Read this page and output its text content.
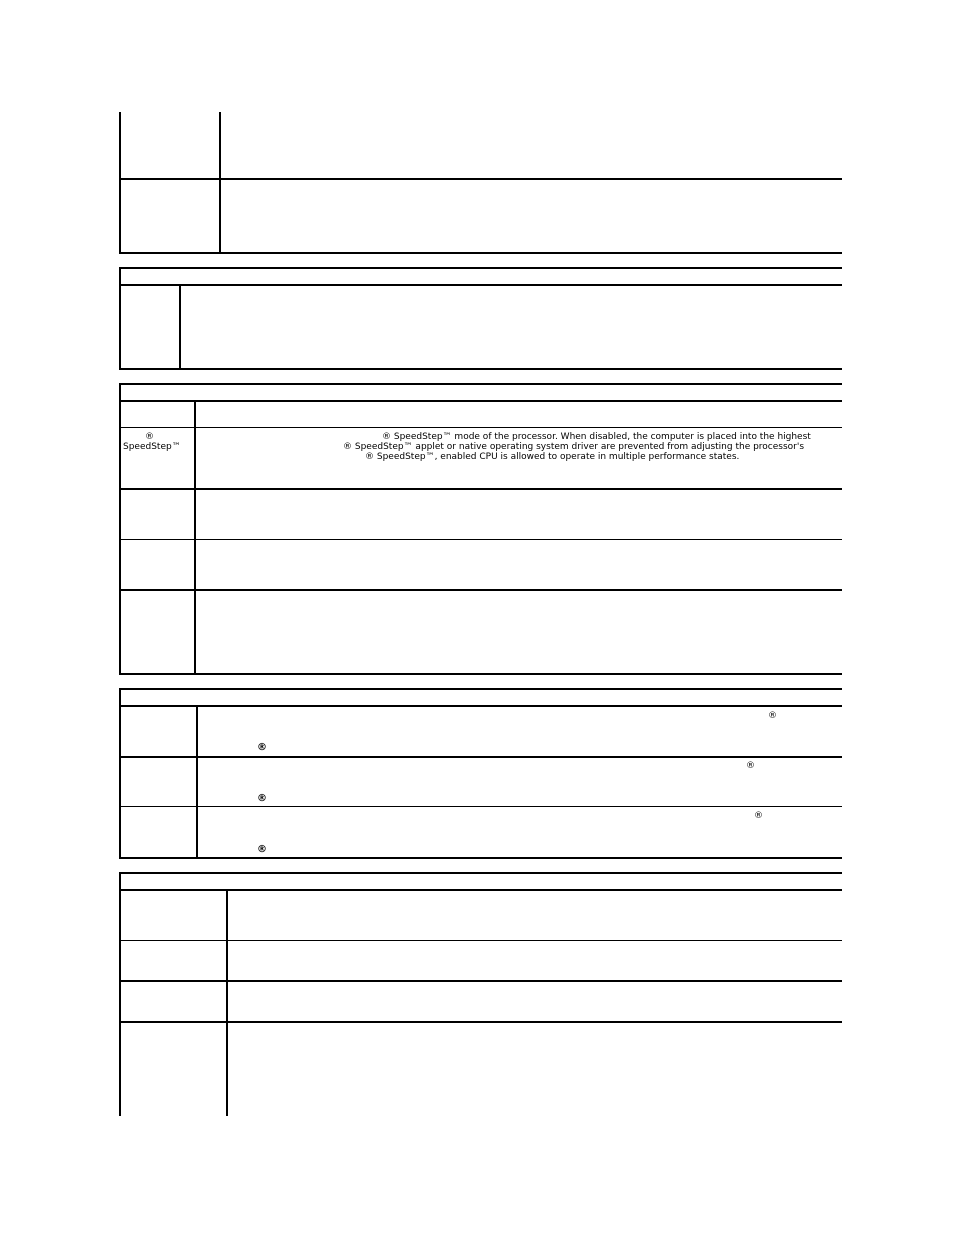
®
SpeedStep™
® SpeedStep™ mode of the processor. When disabled, the computer is placed into the highest
® SpeedStep™ applet or native operating system driver are prevented from adjusting the processor's
® SpeedStep™, enabled CPU is allowed to operate in multiple performance states.
®
®
®
®
®
®
